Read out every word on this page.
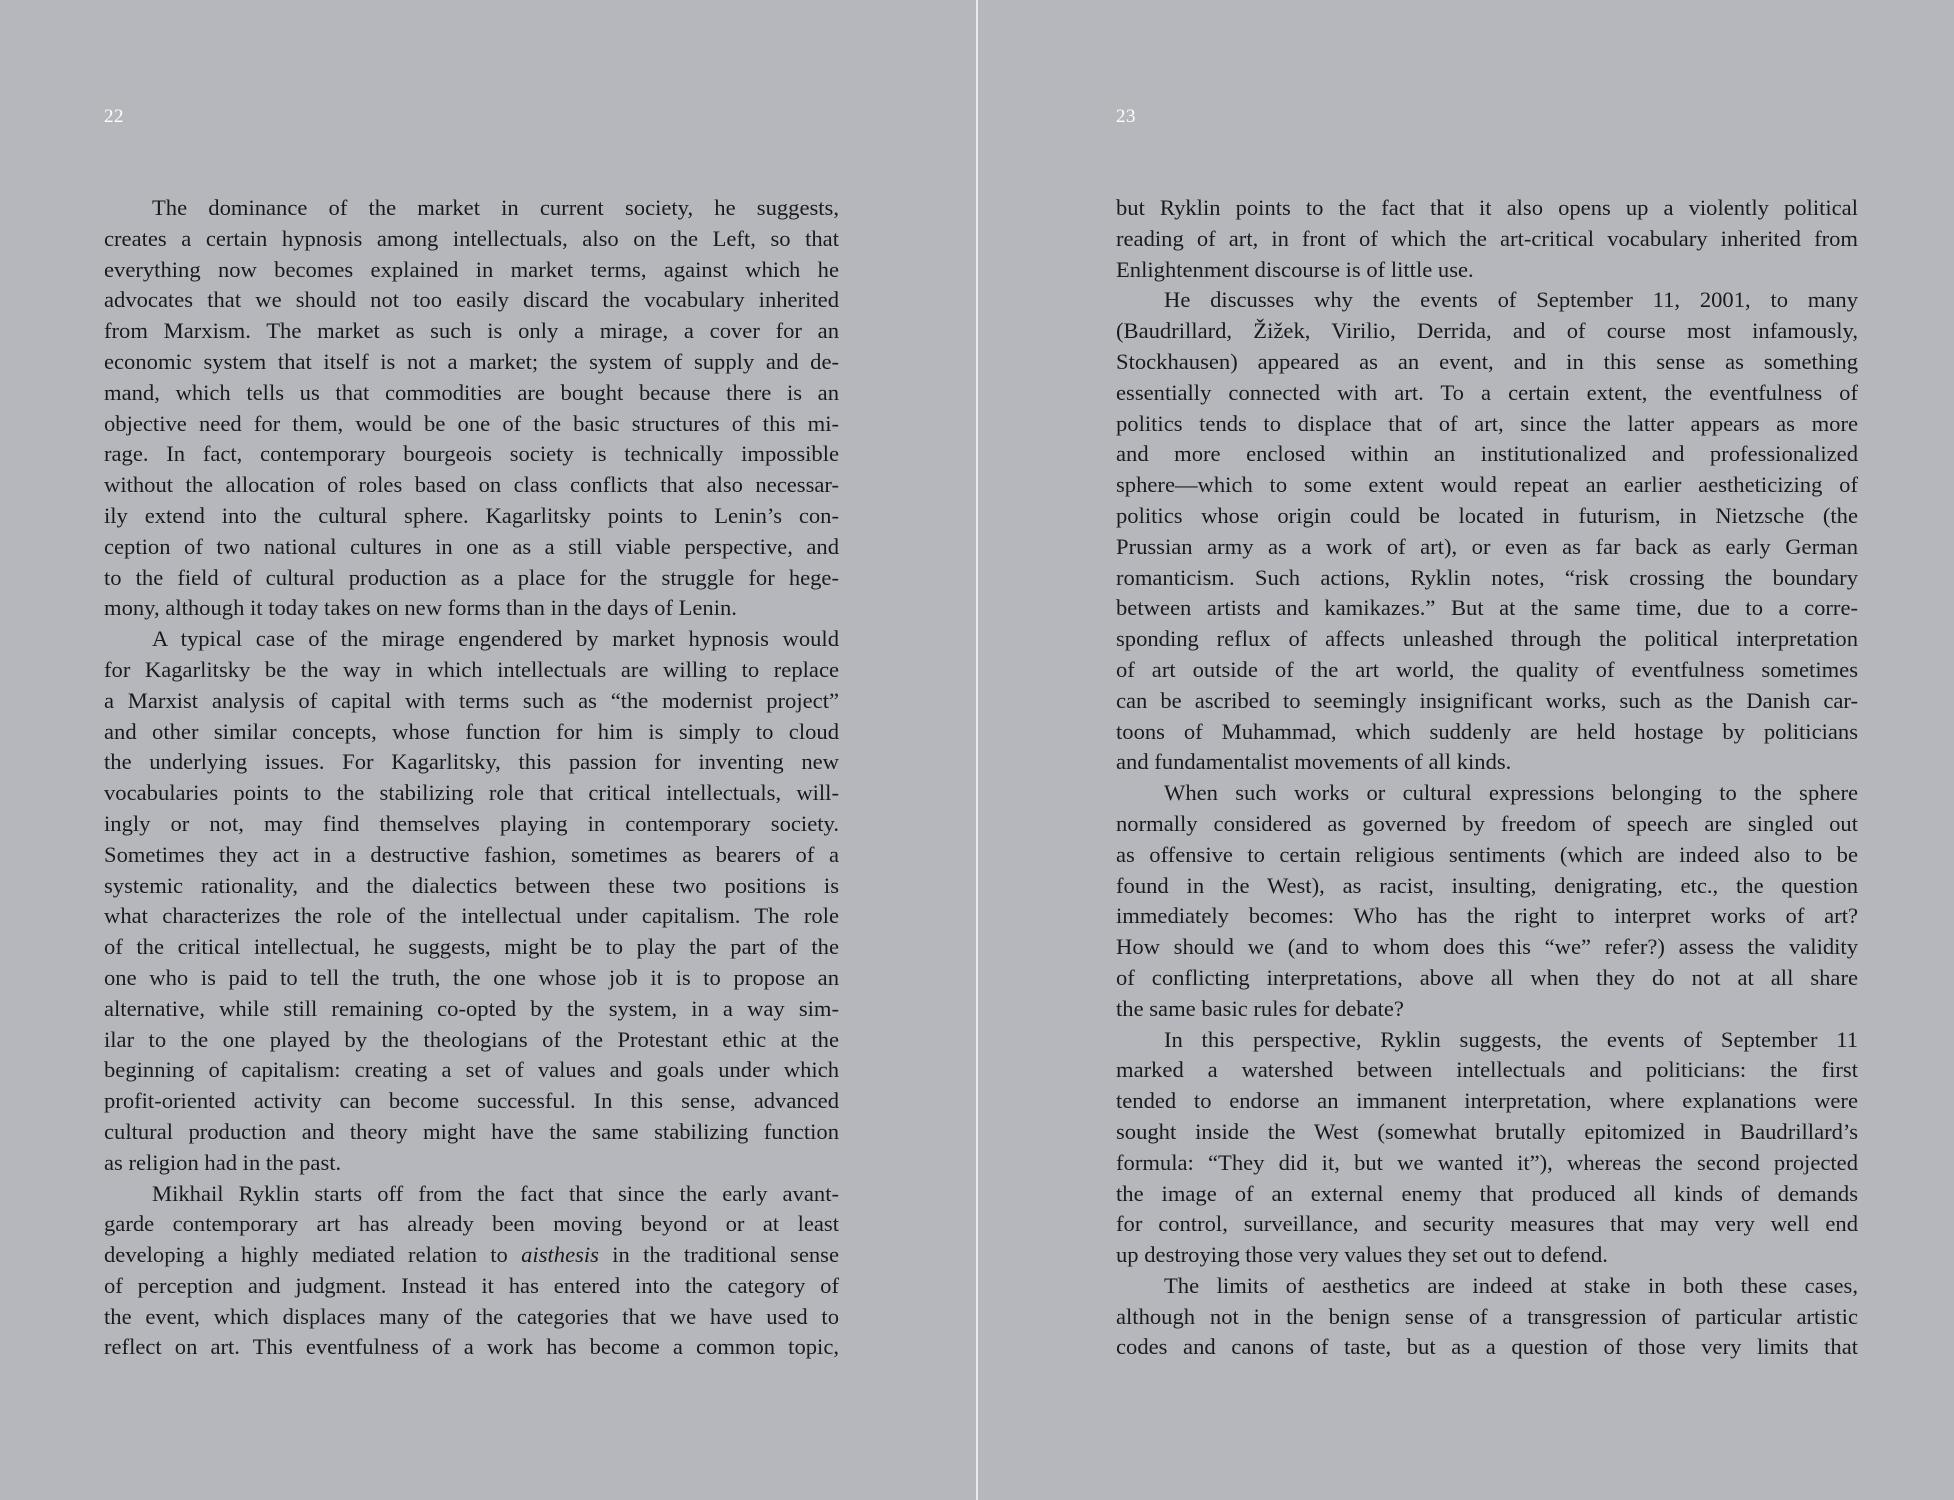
22
The dominance of the market in current society, he suggests,
creates a certain hypnosis among intellectuals, also on the Left, so that
everything now becomes explained in market terms, against which he
advocates that we should not too easily discard the vocabulary inherited
from Marxism. The market as such is only a mirage, a cover for an
economic system that itself is not a market; the system of supply and de-
mand, which tells us that commodities are bought because there is an
objective need for them, would be one of the basic structures of this mi-
rage. In fact, contemporary bourgeois society is technically impossible
without the allocation of roles based on class conflicts that also necessar-
ily extend into the cultural sphere. Kagarlitsky points to Lenin’s con-
ception of two national cultures in one as a still viable perspective, and
to the field of cultural production as a place for the struggle for hege-
mony, although it today takes on new forms than in the days of Lenin.
A typical case of the mirage engendered by market hypnosis would
for Kagarlitsky be the way in which intellectuals are willing to replace
a Marxist analysis of capital with terms such as “the modernist project”
and other similar concepts, whose function for him is simply to cloud
the underlying issues. For Kagarlitsky, this passion for inventing new
vocabularies points to the stabilizing role that critical intellectuals, will-
ingly or not, may find themselves playing in contemporary society.
Sometimes they act in a destructive fashion, sometimes as bearers of a
systemic rationality, and the dialectics between these two positions is
what characterizes the role of the intellectual under capitalism. The role
of the critical intellectual, he suggests, might be to play the part of the
one who is paid to tell the truth, the one whose job it is to propose an
alternative, while still remaining co-opted by the system, in a way sim-
ilar to the one played by the theologians of the Protestant ethic at the
beginning of capitalism: creating a set of values and goals under which
profit-oriented activity can become successful. In this sense, advanced
cultural production and theory might have the same stabilizing function
as religion had in the past.
Mikhail Ryklin starts off from the fact that since the early avant-
garde contemporary art has already been moving beyond or at least
developing a highly mediated relation to aisthesis in the traditional sense
of perception and judgment. Instead it has entered into the category of
the event, which displaces many of the categories that we have used to
reflect on art. This eventfulness of a work has become a common topic,
23
but Ryklin points to the fact that it also opens up a violently political
reading of art, in front of which the art-critical vocabulary inherited from
Enlightenment discourse is of little use.
He discusses why the events of September 11, 2001, to many
(Baudrillard, Žižek, Virilio, Derrida, and of course most infamously,
Stockhausen) appeared as an event, and in this sense as something
essentially connected with art. To a certain extent, the eventfulness of
politics tends to displace that of art, since the latter appears as more
and more enclosed within an institutionalized and professionalized
sphere—which to some extent would repeat an earlier aestheticizing of
politics whose origin could be located in futurism, in Nietzsche (the
Prussian army as a work of art), or even as far back as early German
romanticism. Such actions, Ryklin notes, “risk crossing the boundary
between artists and kamikazes.” But at the same time, due to a corre-
sponding reflux of affects unleashed through the political interpretation
of art outside of the art world, the quality of eventfulness sometimes
can be ascribed to seemingly insignificant works, such as the Danish car-
toons of Muhammad, which suddenly are held hostage by politicians
and fundamentalist movements of all kinds.
When such works or cultural expressions belonging to the sphere
normally considered as governed by freedom of speech are singled out
as offensive to certain religious sentiments (which are indeed also to be
found in the West), as racist, insulting, denigrating, etc., the question
immediately becomes: Who has the right to interpret works of art?
How should we (and to whom does this “we” refer?) assess the validity
of conflicting interpretations, above all when they do not at all share
the same basic rules for debate?
In this perspective, Ryklin suggests, the events of September 11
marked a watershed between intellectuals and politicians: the first
tended to endorse an immanent interpretation, where explanations were
sought inside the West (somewhat brutally epitomized in Baudrillard’s
formula: “They did it, but we wanted it”), whereas the second projected
the image of an external enemy that produced all kinds of demands
for control, surveillance, and security measures that may very well end
up destroying those very values they set out to defend.
The limits of aesthetics are indeed at stake in both these cases,
although not in the benign sense of a transgression of particular artistic
codes and canons of taste, but as a question of those very limits that
